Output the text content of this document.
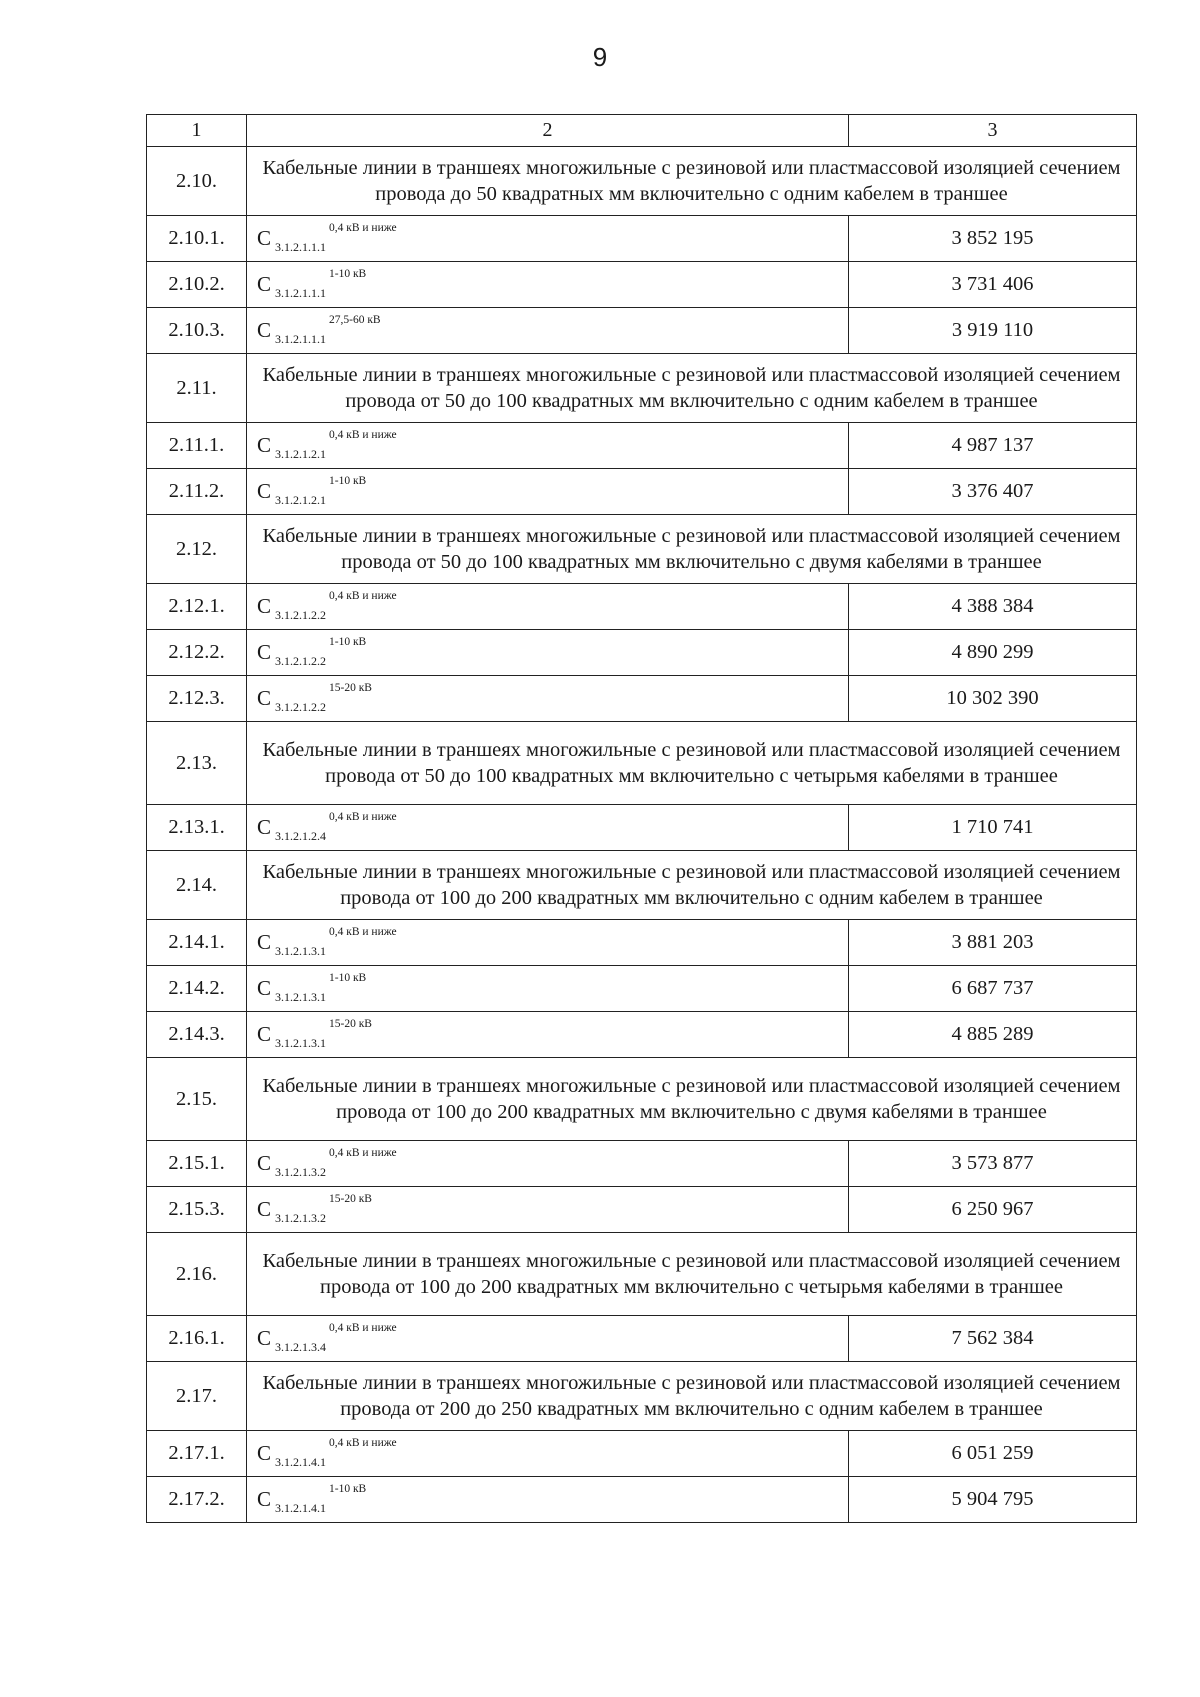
9
1	2	3
2.10.	Кабельные линии в траншеях многожильные с резиновой или пластмассовой изоляцией сечением провода до 50 квадратных мм включительно с одним кабелем в траншее	
2.10.1.	С $_{3.1.2.1.1.1}^{0,4 кВ и ниже}$	3 852 195
2.10.2.	С $_{3.1.2.1.1.1}^{1-10 кВ}$	3 731 406
2.10.3.	С $_{3.1.2.1.1.1}^{27,5-60 кВ}$	3 919 110
2.11.	Кабельные линии в траншеях многожильные с резиновой или пластмассовой изоляцией сечением провода от 50 до 100 квадратных мм включительно с одним кабелем в траншее	
2.11.1.	С $_{3.1.2.1.2.1}^{0,4 кВ и ниже}$	4 987 137
2.11.2.	С $_{3.1.2.1.2.1}^{1-10 кВ}$	3 376 407
2.12.	Кабельные линии в траншеях многожильные с резиновой или пластмассовой изоляцией сечением провода от 50 до 100 квадратных мм включительно с двумя кабелями в траншее	
2.12.1.	С $_{3.1.2.1.2.2}^{0,4 кВ и ниже}$	4 388 384
2.12.2.	С $_{3.1.2.1.2.2}^{1-10 кВ}$	4 890 299
2.12.3.	С $_{3.1.2.1.2.2}^{15-20 кВ}$	10 302 390
2.13.	Кабельные линии в траншеях многожильные с резиновой или пластмассовой изоляцией сечением провода от 50 до 100 квадратных мм включительно с четырьмя кабелями в траншее	
2.13.1.	С $_{3.1.2.1.2.4}^{0,4 кВ и ниже}$	1 710 741
2.14.	Кабельные линии в траншеях многожильные с резиновой или пластмассовой изоляцией сечением провода от 100 до 200 квадратных мм включительно с одним кабелем в траншее	
2.14.1.	С $_{3.1.2.1.3.1}^{0,4 кВ и ниже}$	3 881 203
2.14.2.	С $_{3.1.2.1.3.1}^{1-10 кВ}$	6 687 737
2.14.3.	С $_{3.1.2.1.3.1}^{15-20 кВ}$	4 885 289
2.15.	Кабельные линии в траншеях многожильные с резиновой или пластмассовой изоляцией сечением провода от 100 до 200 квадратных мм включительно с двумя кабелями в траншее	
2.15.1.	С $_{3.1.2.1.3.2}^{0,4 кВ и ниже}$	3 573 877
2.15.3.	С $_{3.1.2.1.3.2}^{15-20 кВ}$	6 250 967
2.16.	Кабельные линии в траншеях многожильные с резиновой или пластмассовой изоляцией сечением провода от 100 до 200 квадратных мм включительно с четырьмя кабелями в траншее	
2.16.1.	С $_{3.1.2.1.3.4}^{0,4 кВ и ниже}$	7 562 384
2.17.	Кабельные линии в траншеях многожильные с резиновой или пластмассовой изоляцией сечением провода от 200 до 250 квадратных мм включительно с одним кабелем в траншее	
2.17.1.	С $_{3.1.2.1.4.1}^{0,4 кВ и ниже}$	6 051 259
2.17.2.	С $_{3.1.2.1.4.1}^{1-10 кВ}$	5 904 795
